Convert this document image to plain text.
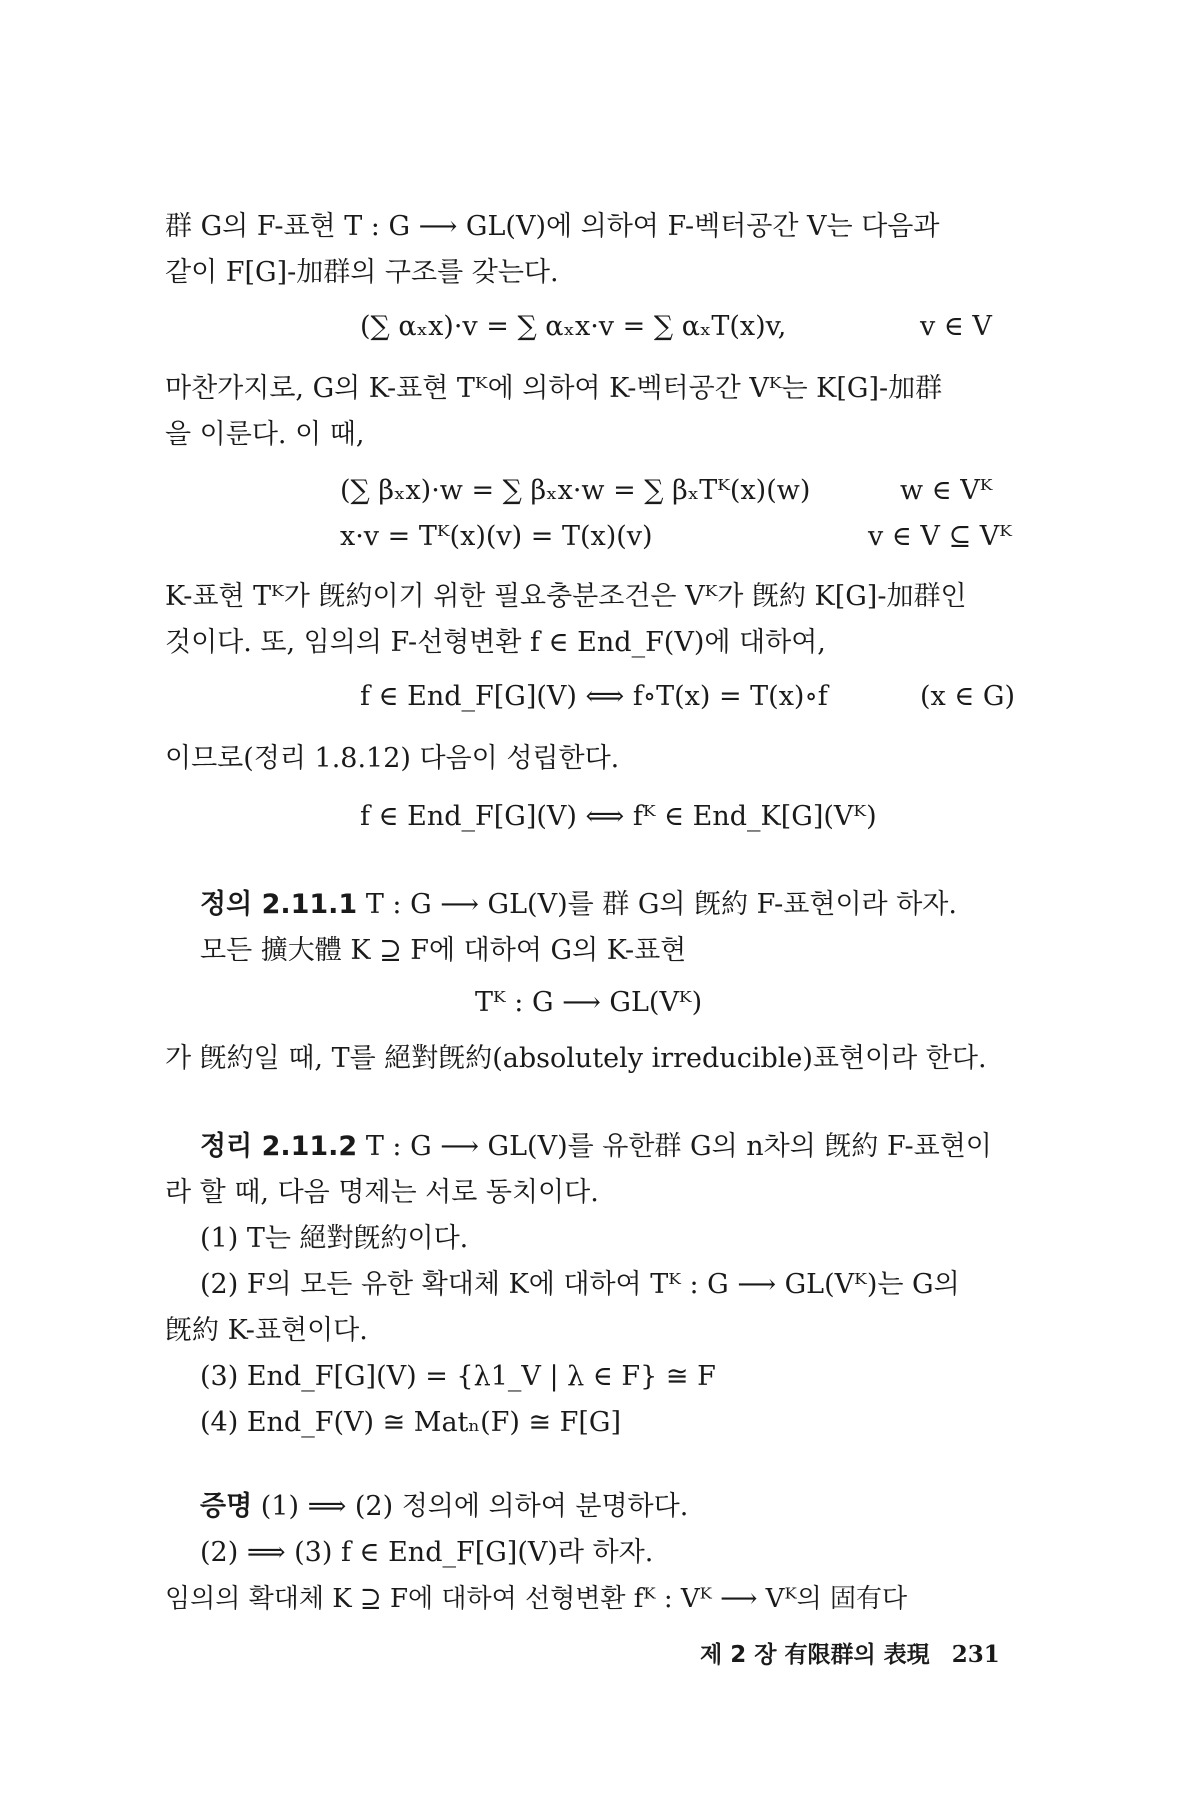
群 G의 F-표현 T : G ⟶ GL(V)에 의하여 F-벡터공간 V는 다음과
같이 F[G]-加群의 구조를 갖는다.
(∑ αₓx)·v = ∑ αₓx·v = ∑ αₓT(x)v,	v ∈ V
마찬가지로, G의 K-표현 Tᴷ에 의하여 K-벡터공간 Vᴷ는 K[G]-加群
을 이룬다. 이 때,
(∑ βₓx)·w = ∑ βₓx·w = ∑ βₓTᴷ(x)(w)	w ∈ Vᴷ
x·v = Tᴷ(x)(v) = T(x)(v)	v ∈ V ⊆ Vᴷ
K-표현 Tᴷ가 旣約이기 위한 필요충분조건은 Vᴷ가 旣約 K[G]-加群인
것이다. 또, 임의의 F-선형변환 f ∈ End_F(V)에 대하여,
f ∈ End_F[G](V) ⟺ f∘T(x) = T(x)∘f	(x ∈ G)
이므로(정리 1.8.12) 다음이 성립한다.
f ∈ End_F[G](V) ⟺ fᴷ ∈ End_K[G](Vᴷ)
정의 2.11.1 T : G ⟶ GL(V)를 群 G의 旣約 F-표현이라 하자.
모든 擴大體 K ⊇ F에 대하여 G의 K-표현
Tᴷ : G ⟶ GL(Vᴷ)
가 旣約일 때, T를 絕對旣約(absolutely irreducible)표현이라 한다.
정리 2.11.2 T : G ⟶ GL(V)를 유한群 G의 n차의 旣約 F-표현이
라 할 때, 다음 명제는 서로 동치이다.
(1) T는 絕對旣約이다.
(2) F의 모든 유한 확대체 K에 대하여 Tᴷ : G ⟶ GL(Vᴷ)는 G의
旣約 K-표현이다.
(3) End_F[G](V) = {λ1_V | λ ∈ F} ≅ F
(4) End_F(V) ≅ Matₙ(F) ≅ F[G]
증명 (1) ⟹ (2) 정의에 의하여 분명하다.
(2) ⟹ (3) f ∈ End_F[G](V)라 하자.
임의의 확대체 K ⊇ F에 대하여 선형변환 fᴷ : Vᴷ ⟶ Vᴷ의 固有다
제 2 장 有限群의 表現 231
